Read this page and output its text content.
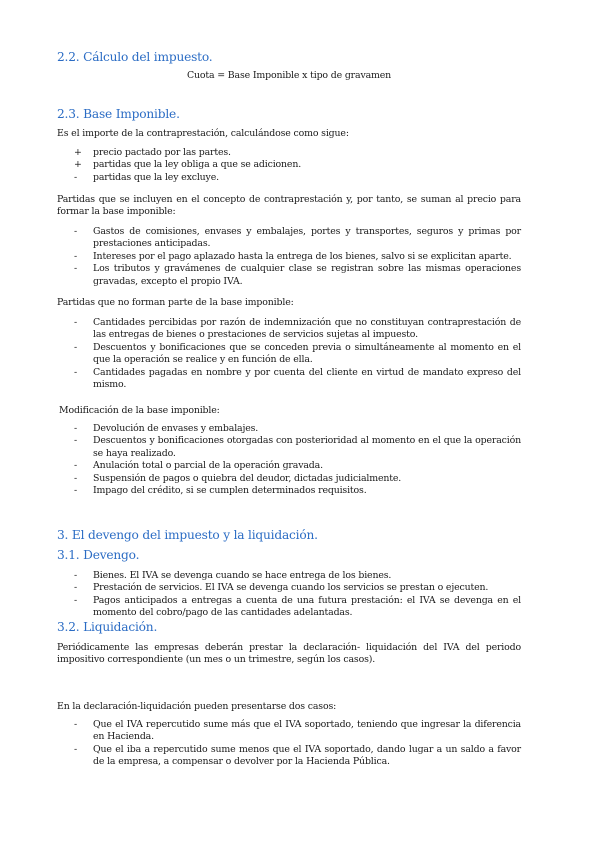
2.2. Cálculo del impuesto.

Cuota = Base Imponible x tipo de gravamen

2.3. Base Imponible.

Es el importe de la contraprestación, calculándose como sigue:

+ precio pactado por las partes.
+ partidas que la ley obliga a que se adicionen.
-	partidas que la ley excluye.

Partidas que se incluyen en el concepto de contraprestación y, por tanto, se suman al precio para formar la base imponible:

-	Gastos de comisiones, envases y embalajes, portes y transportes, seguros y primas por prestaciones anticipadas.
-	Intereses por el pago aplazado hasta la entrega de los bienes, salvo si se explicitan aparte.
-	Los tributos y gravámenes de cualquier clase se registran sobre las mismas operaciones gravadas, excepto el propio IVA.

Partidas que no forman parte de la base imponible:

-	Cantidades percibidas por razón de indemnización que no constituyan contraprestación de las entregas de bienes o prestaciones de servicios sujetas al impuesto.
-	Descuentos y bonificaciones que se conceden previa o simultáneamente al momento en el que la operación se realice y en función de ella.
-	Cantidades pagadas en nombre y por cuenta del cliente en virtud de mandato expreso del mismo.

Modificación de la base imponible:

-	Devolución de envases y embalajes.
-	Descuentos y bonificaciones otorgadas con posterioridad al momento en el que la operación se haya realizado.
-	Anulación total o parcial de la operación gravada.
-	Suspensión de pagos o quiebra del deudor, dictadas judicialmente.
-	Impago del crédito, si se cumplen determinados requisitos.
3. El devengo del impuesto y la liquidación.
3.1. Devengo.
-	Bienes. El IVA se devenga cuando se hace entrega de los bienes.
-	Prestación de servicios. El IVA se devenga cuando los servicios se prestan o ejecuten.
-	Pagos anticipados a entregas a cuenta de una futura prestación: el IVA se devenga en el momento del cobro/pago de las cantidades adelantadas.
3.2. Liquidación.

Periódicamente las empresas deberán prestar la declaración- liquidación del IVA del periodo impositivo correspondiente (un mes o un trimestre, según los casos).

En la declaración-liquidación pueden presentarse dos casos:

-	Que el IVA repercutido sume más que el IVA soportado, teniendo que ingresar la diferencia en Hacienda.
-	Que el iba a repercutido sume menos que el IVA soportado, dando lugar a un saldo a favor de la empresa, a compensar o devolver por la Hacienda Pública.
